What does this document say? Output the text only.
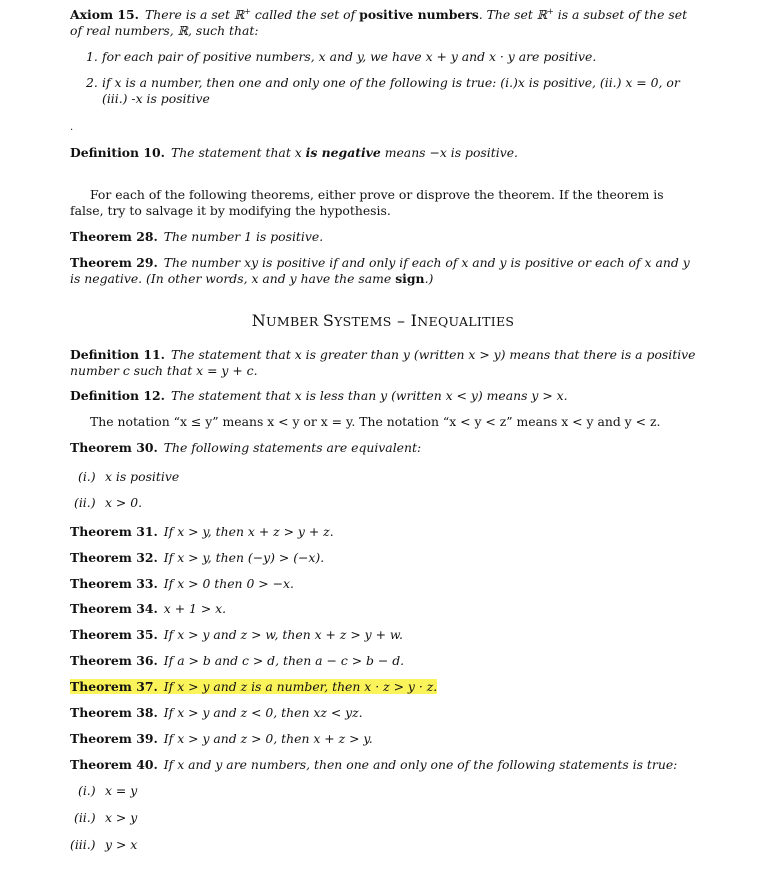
Axiom 15. There is a set ℝ+ called the set of positive numbers. The set ℝ+ is a subset of the set of real numbers, ℝ, such that:
1. for each pair of positive numbers, x and y, we have x + y and x · y are positive.
2. if x is a number, then one and only one of the following is true: (i.)x is positive, (ii.) x = 0, or (iii.) -x is positive
.
Definition 10. The statement that x is negative means −x is positive.
For each of the following theorems, either prove or disprove the theorem. If the theorem is false, try to salvage it by modifying the hypothesis.
Theorem 28. The number 1 is positive.
Theorem 29. The number xy is positive if and only if each of x and y is positive or each of x and y is negative. (In other words, x and y have the same sign.)
NUMBER SYSTEMS – INEQUALITIES
Definition 11. The statement that x is greater than y (written x > y) means that there is a positive number c such that x = y + c.
Definition 12. The statement that x is less than y (written x < y) means y > x.
The notation “x ≤ y” means x < y or x = y. The notation “x < y < z” means x < y and y < z.
Theorem 30. The following statements are equivalent:
(i.) x is positive
(ii.) x > 0.
Theorem 31. If x > y, then x + z > y + z.
Theorem 32. If x > y, then (−y) > (−x).
Theorem 33. If x > 0 then 0 > −x.
Theorem 34. x + 1 > x.
Theorem 35. If x > y and z > w, then x + z > y + w.
Theorem 36. If a > b and c > d, then a − c > b − d.
Theorem 37. If x > y and z is a number, then x · z > y · z.
Theorem 38. If x > y and z < 0, then xz < yz.
Theorem 39. If x > y and z > 0, then x + z > y.
Theorem 40. If x and y are numbers, then one and only one of the following statements is true:
(i.) x = y
(ii.) x > y
(iii.) y > x
